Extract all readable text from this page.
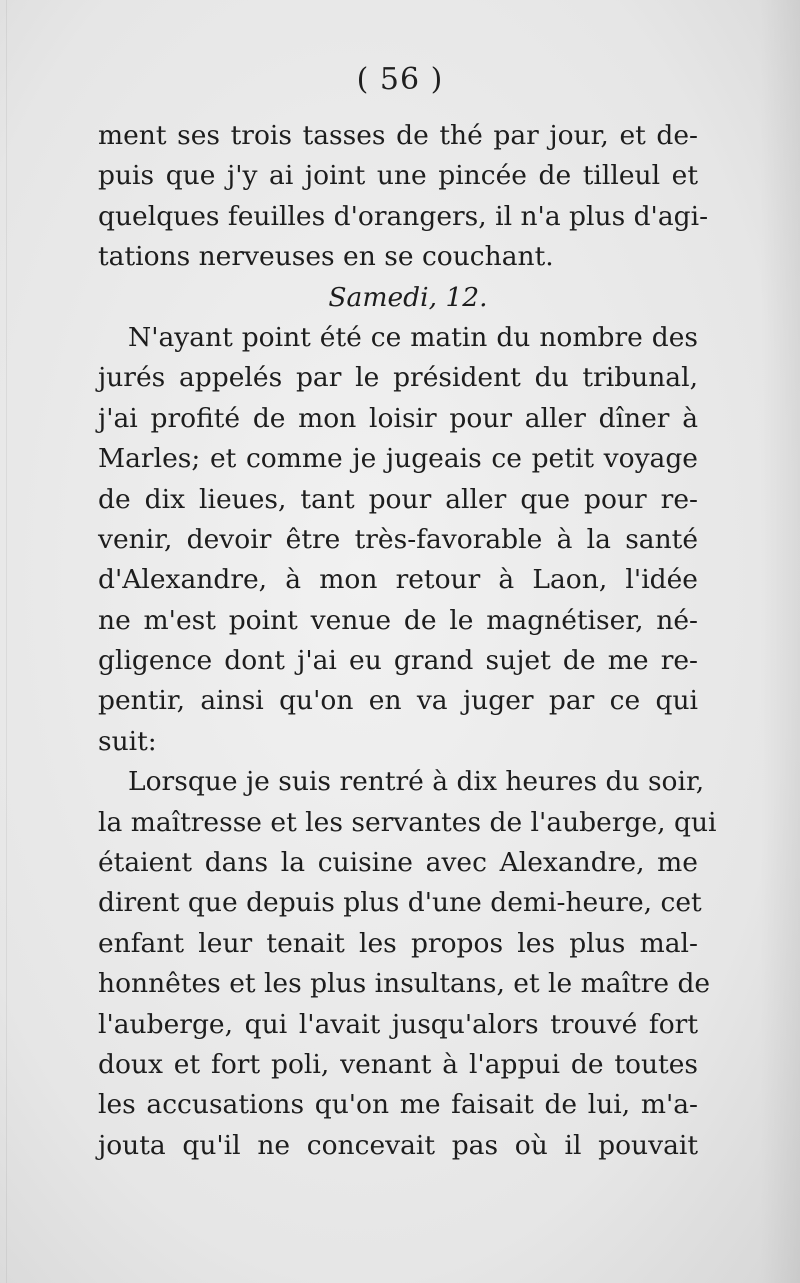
( 56 )
ment ses trois tasses de thé par jour, et de-
puis que j'y ai joint une pincée de tilleul et
quelques feuilles d'orangers, il n'a plus d'agi-
tations nerveuses en se couchant.
Samedi, 12.
N'ayant point été ce matin du nombre des
jurés appelés par le président du tribunal,
j'ai profité de mon loisir pour aller dîner à
Marles; et comme je jugeais ce petit voyage
de dix lieues, tant pour aller que pour re-
venir, devoir être très-favorable à la santé
d'Alexandre, à mon retour à Laon, l'idée
ne m'est point venue de le magnétiser, né-
gligence dont j'ai eu grand sujet de me re-
pentir, ainsi qu'on en va juger par ce qui
suit:
Lorsque je suis rentré à dix heures du soir,
la maîtresse et les servantes de l'auberge, qui
étaient dans la cuisine avec Alexandre, me
dirent que depuis plus d'une demi-heure, cet
enfant leur tenait les propos les plus mal-
honnêtes et les plus insultans, et le maître de
l'auberge, qui l'avait jusqu'alors trouvé fort
doux et fort poli, venant à l'appui de toutes
les accusations qu'on me faisait de lui, m'a-
jouta qu'il ne concevait pas où il pouvait
